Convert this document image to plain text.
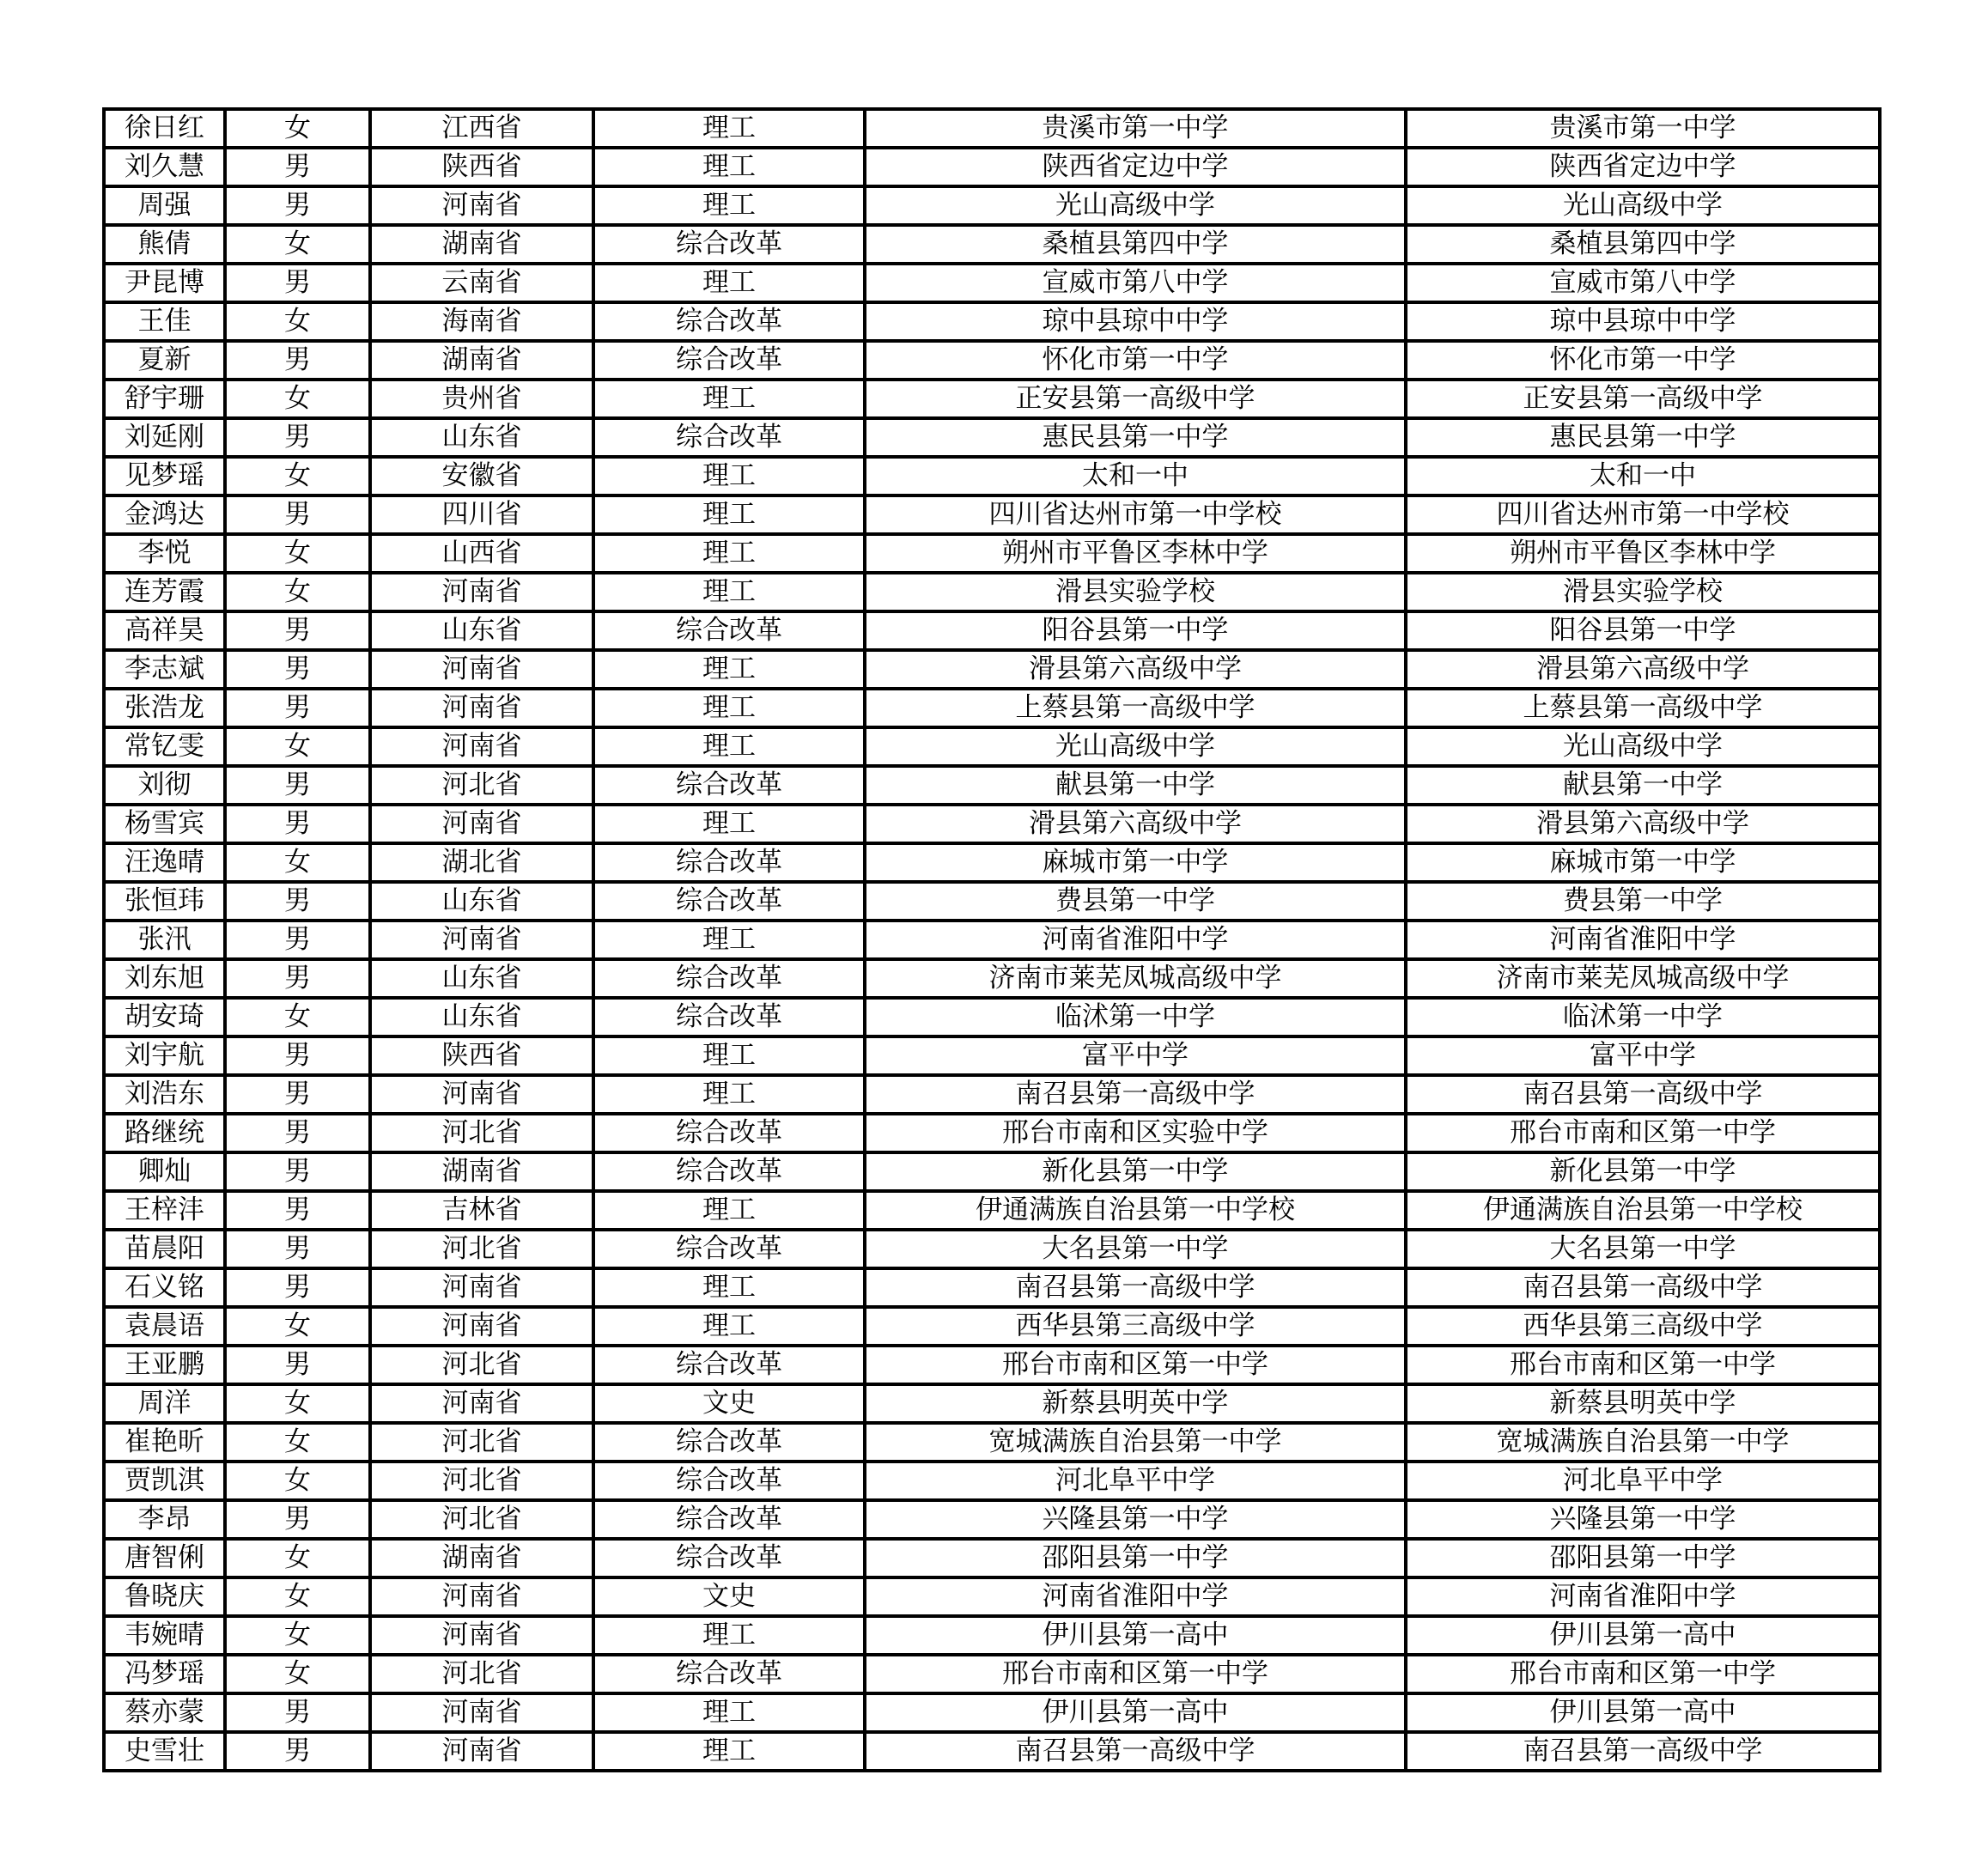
徐日红	女	江西省	理工	贵溪市第一中学	贵溪市第一中学
刘久慧	男	陕西省	理工	陕西省定边中学	陕西省定边中学
周强	男	河南省	理工	光山高级中学	光山高级中学
熊倩	女	湖南省	综合改革	桑植县第四中学	桑植县第四中学
尹昆博	男	云南省	理工	宣威市第八中学	宣威市第八中学
王佳	女	海南省	综合改革	琼中县琼中中学	琼中县琼中中学
夏新	男	湖南省	综合改革	怀化市第一中学	怀化市第一中学
舒宇珊	女	贵州省	理工	正安县第一高级中学	正安县第一高级中学
刘延刚	男	山东省	综合改革	惠民县第一中学	惠民县第一中学
见梦瑶	女	安徽省	理工	太和一中	太和一中
金鸿达	男	四川省	理工	四川省达州市第一中学校	四川省达州市第一中学校
李悦	女	山西省	理工	朔州市平鲁区李林中学	朔州市平鲁区李林中学
连芳霞	女	河南省	理工	滑县实验学校	滑县实验学校
高祥昊	男	山东省	综合改革	阳谷县第一中学	阳谷县第一中学
李志斌	男	河南省	理工	滑县第六高级中学	滑县第六高级中学
张浩龙	男	河南省	理工	上蔡县第一高级中学	上蔡县第一高级中学
常钇雯	女	河南省	理工	光山高级中学	光山高级中学
刘彻	男	河北省	综合改革	献县第一中学	献县第一中学
杨雪宾	男	河南省	理工	滑县第六高级中学	滑县第六高级中学
汪逸晴	女	湖北省	综合改革	麻城市第一中学	麻城市第一中学
张恒玮	男	山东省	综合改革	费县第一中学	费县第一中学
张汛	男	河南省	理工	河南省淮阳中学	河南省淮阳中学
刘东旭	男	山东省	综合改革	济南市莱芜凤城高级中学	济南市莱芜凤城高级中学
胡安琦	女	山东省	综合改革	临沭第一中学	临沭第一中学
刘宇航	男	陕西省	理工	富平中学	富平中学
刘浩东	男	河南省	理工	南召县第一高级中学	南召县第一高级中学
路继统	男	河北省	综合改革	邢台市南和区实验中学	邢台市南和区第一中学
卿灿	男	湖南省	综合改革	新化县第一中学	新化县第一中学
王梓沣	男	吉林省	理工	伊通满族自治县第一中学校	伊通满族自治县第一中学校
苗晨阳	男	河北省	综合改革	大名县第一中学	大名县第一中学
石义铭	男	河南省	理工	南召县第一高级中学	南召县第一高级中学
袁晨语	女	河南省	理工	西华县第三高级中学	西华县第三高级中学
王亚鹏	男	河北省	综合改革	邢台市南和区第一中学	邢台市南和区第一中学
周洋	女	河南省	文史	新蔡县明英中学	新蔡县明英中学
崔艳昕	女	河北省	综合改革	宽城满族自治县第一中学	宽城满族自治县第一中学
贾凯淇	女	河北省	综合改革	河北阜平中学	河北阜平中学
李昂	男	河北省	综合改革	兴隆县第一中学	兴隆县第一中学
唐智俐	女	湖南省	综合改革	邵阳县第一中学	邵阳县第一中学
鲁晓庆	女	河南省	文史	河南省淮阳中学	河南省淮阳中学
韦婉晴	女	河南省	理工	伊川县第一高中	伊川县第一高中
冯梦瑶	女	河北省	综合改革	邢台市南和区第一中学	邢台市南和区第一中学
蔡亦蒙	男	河南省	理工	伊川县第一高中	伊川县第一高中
史雪壮	男	河南省	理工	南召县第一高级中学	南召县第一高级中学
